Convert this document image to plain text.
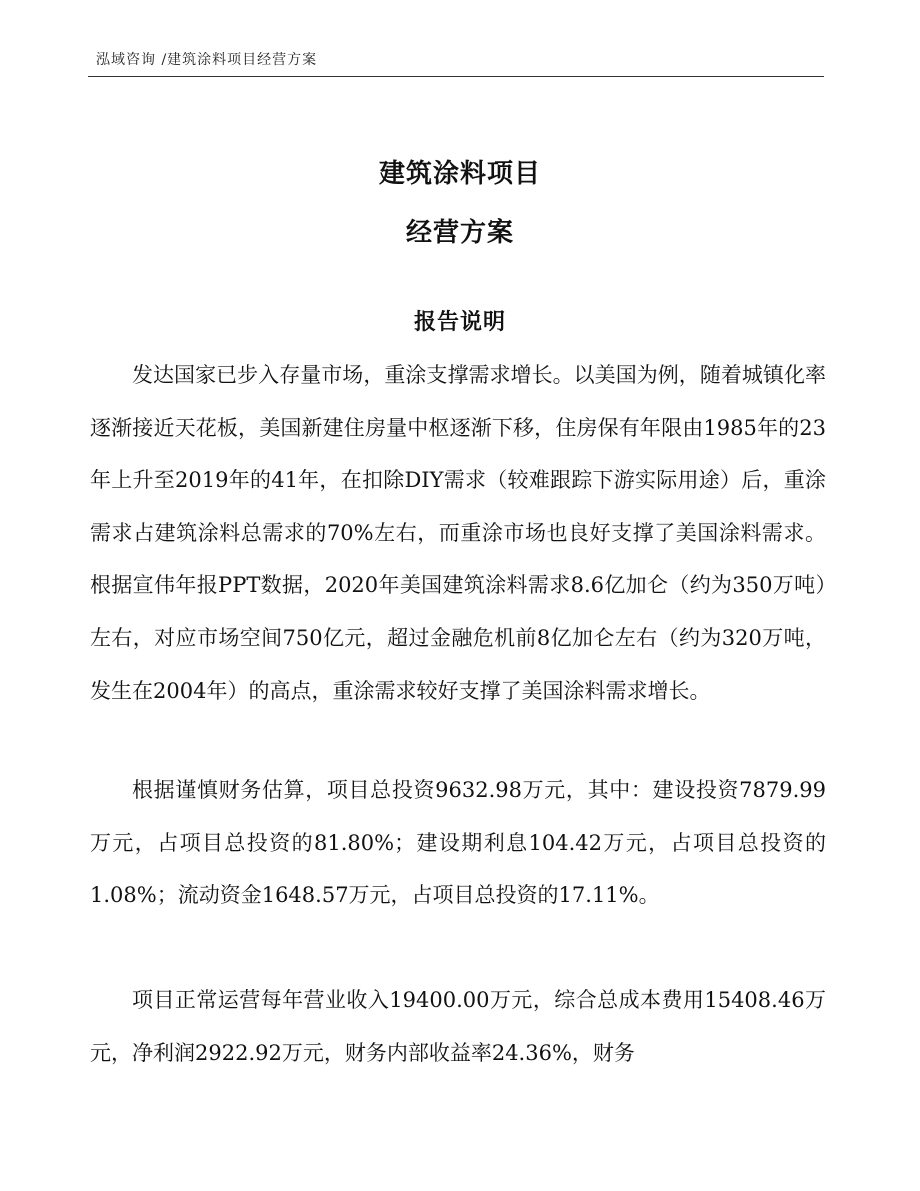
泓域咨询 /建筑涂料项目经营方案
建筑涂料项目
经营方案
报告说明
发达国家已步入存量市场，重涂支撑需求增长。以美国为例，随着城镇化率逐渐接近天花板，美国新建住房量中枢逐渐下移，住房保有年限由1985年的23年上升至2019年的41年，在扣除DIY需求（较难跟踪下游实际用途）后，重涂需求占建筑涂料总需求的70%左右，而重涂市场也良好支撑了美国涂料需求。根据宣伟年报PPT数据，2020年美国建筑涂料需求8.6亿加仑（约为350万吨）左右，对应市场空间750亿元，超过金融危机前8亿加仑左右（约为320万吨，发生在2004年）的高点，重涂需求较好支撑了美国涂料需求增长。
根据谨慎财务估算，项目总投资9632.98万元，其中：建设投资7879.99万元，占项目总投资的81.80%；建设期利息104.42万元，占项目总投资的1.08%；流动资金1648.57万元，占项目总投资的17.11%。
项目正常运营每年营业收入19400.00万元，综合总成本费用15408.46万元，净利润2922.92万元，财务内部收益率24.36%，财务
